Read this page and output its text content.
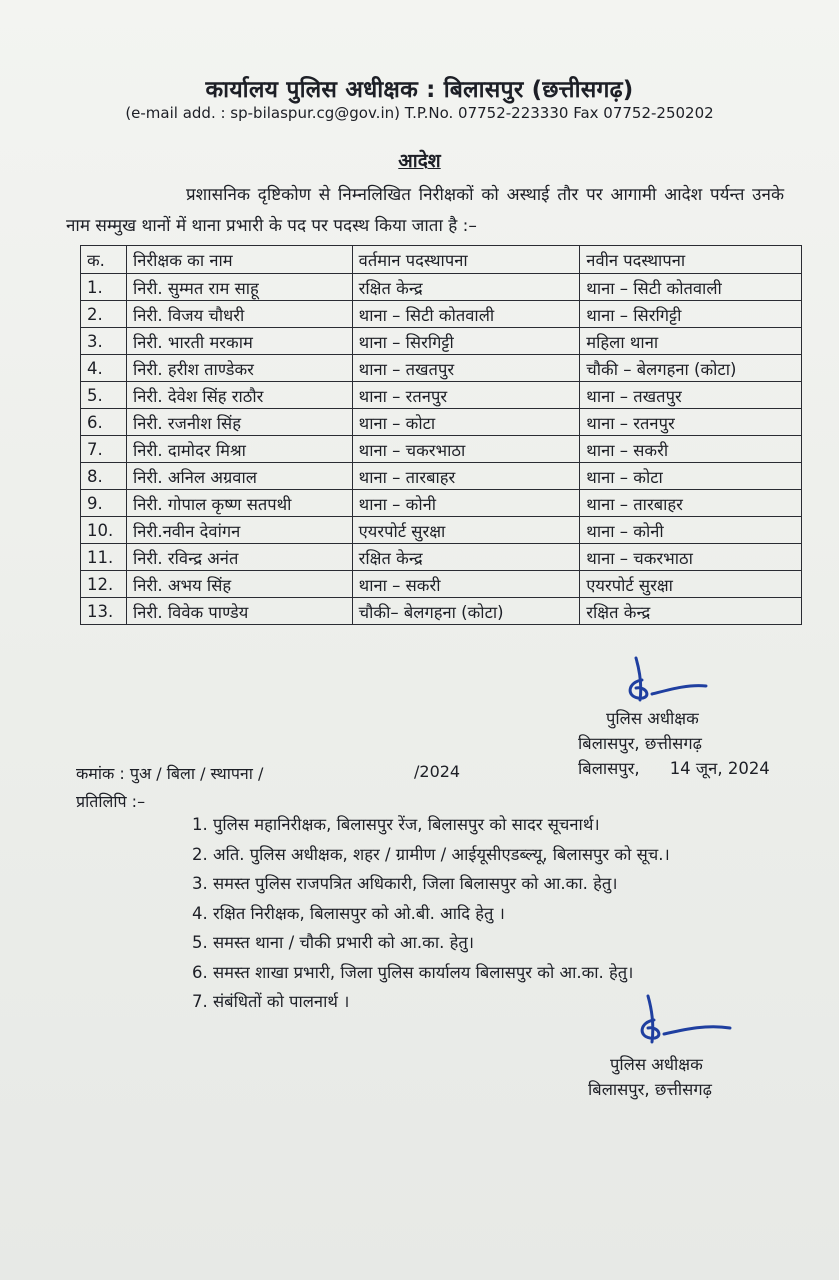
कार्यालय पुलिस अधीक्षक : बिलासपुर (छत्तीसगढ़)
(e-mail add. : sp-bilaspur.cg@gov.in) T.P.No. 07752-223330 Fax 07752-250202
आदेश
प्रशासनिक दृष्टिकोण से निम्नलिखित निरीक्षकों को अस्थाई तौर पर आगामी आदेश पर्यन्त उनके नाम सम्मुख थानों में थाना प्रभारी के पद पर पदस्थ किया जाता है :–
क.	निरीक्षक का नाम	वर्तमान पदस्थापना	नवीन पदस्थापना
1.	निरी. सुम्मत राम साहू	रक्षित केन्द्र	थाना – सिटी कोतवाली
2.	निरी. विजय चौधरी	थाना – सिटी कोतवाली	थाना – सिरगिट्टी
3.	निरी. भारती मरकाम	थाना – सिरगिट्टी	महिला थाना
4.	निरी. हरीश ताण्डेकर	थाना – तखतपुर	चौकी – बेलगहना (कोटा)
5.	निरी. देवेश सिंह राठौर	थाना – रतनपुर	थाना – तखतपुर
6.	निरी. रजनीश सिंह	थाना – कोटा	थाना – रतनपुर
7.	निरी. दामोदर मिश्रा	थाना – चकरभाठा	थाना – सकरी
8.	निरी. अनिल अग्रवाल	थाना – तारबाहर	थाना – कोटा
9.	निरी. गोपाल कृष्ण सतपथी	थाना – कोनी	थाना – तारबाहर
10.	निरी.नवीन देवांगन	एयरपोर्ट सुरक्षा	थाना – कोनी
11.	निरी. रविन्द्र अनंत	रक्षित केन्द्र	थाना – चकरभाठा
12.	निरी. अभय सिंह	थाना – सकरी	एयरपोर्ट सुरक्षा
13.	निरी. विवेक पाण्डेय	चौकी– बेलगहना (कोटा)	रक्षित केन्द्र
पुलिस अधीक्षक
बिलासपुर, छत्तीसगढ़
बिलासपुर, 14 जून, 2024
कमांक : पुअ / बिला / स्थापना /	/2024
प्रतिलिपि :–
1. पुलिस महानिरीक्षक, बिलासपुर रेंज, बिलासपुर को सादर सूचनार्थ।
2. अति. पुलिस अधीक्षक, शहर / ग्रामीण / आईयूसीएडब्ल्यू, बिलासपुर को सूच.।
3. समस्त पुलिस राजपत्रित अधिकारी, जिला बिलासपुर को आ.का. हेतु।
4. रक्षित निरीक्षक, बिलासपुर को ओ.बी. आदि हेतु ।
5. समस्त थाना / चौकी प्रभारी को आ.का. हेतु।
6. समस्त शाखा प्रभारी, जिला पुलिस कार्यालय बिलासपुर को आ.का. हेतु।
7. संबंधितों को पालनार्थ ।
पुलिस अधीक्षक
बिलासपुर, छत्तीसगढ़
